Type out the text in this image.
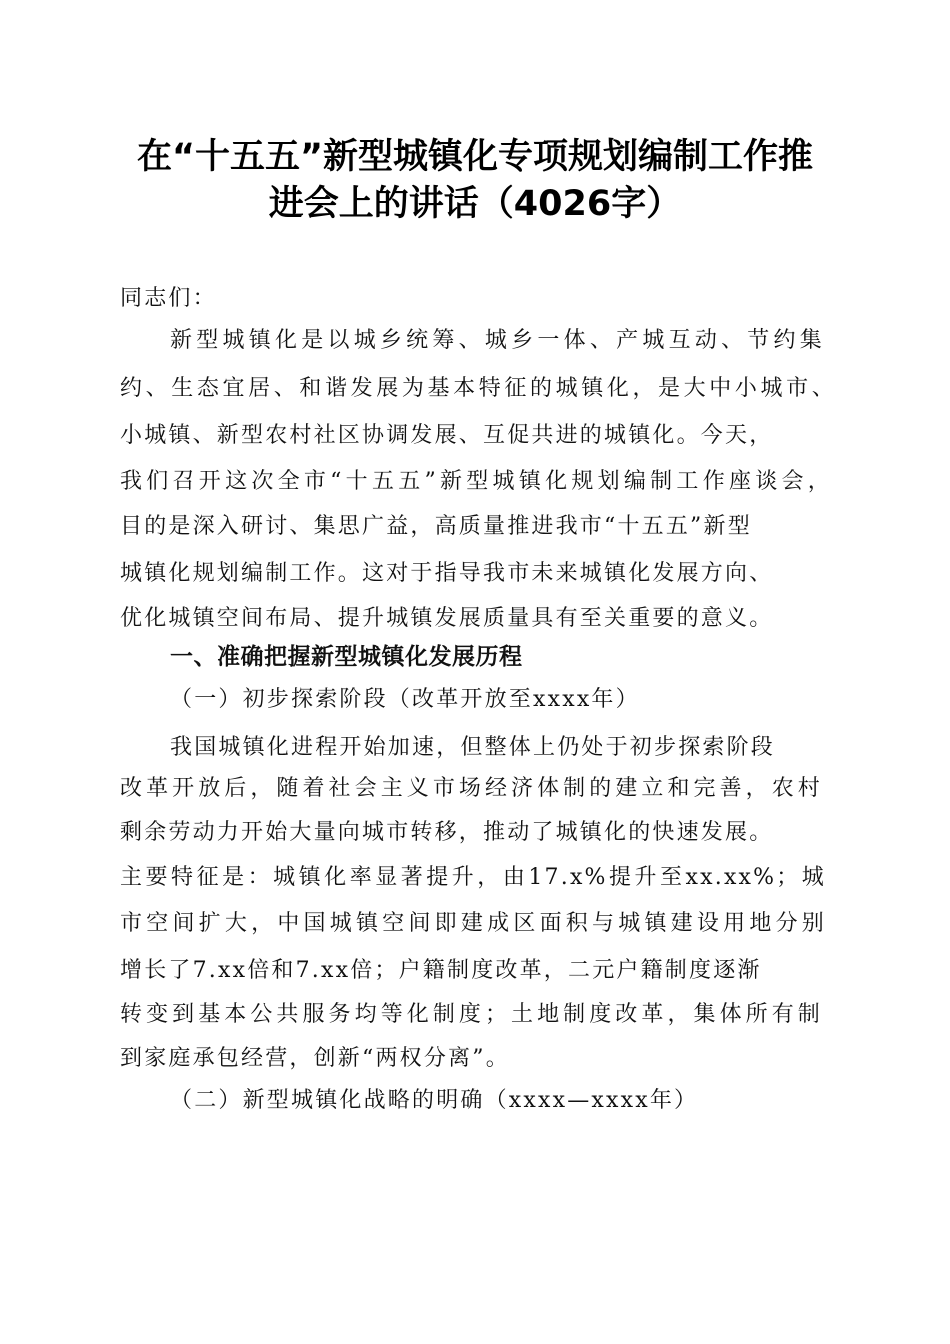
在“十五五”新型城镇化专项规划编制工作推
进会上的讲话（4026字）
同志们：
新型城镇化是以城乡统筹、城乡一体、产城互动、节约集
约、生态宜居、和谐发展为基本特征的城镇化，是大中小城市、
小城镇、新型农村社区协调发展、互促共进的城镇化。今天，
我们召开这次全市“十五五”新型城镇化规划编制工作座谈会，
目的是深入研讨、集思广益，高质量推进我市“十五五”新型
城镇化规划编制工作。这对于指导我市未来城镇化发展方向、
优化城镇空间布局、提升城镇发展质量具有至关重要的意义。
一、准确把握新型城镇化发展历程
（一）初步探索阶段（改革开放至xxxx年）
我国城镇化进程开始加速，但整体上仍处于初步探索阶段
改革开放后，随着社会主义市场经济体制的建立和完善，农村
剩余劳动力开始大量向城市转移，推动了城镇化的快速发展。
主要特征是：城镇化率显著提升，由17.x%提升至xx.xx%；城
市空间扩大，中国城镇空间即建成区面积与城镇建设用地分别
增长了7.xx倍和7.xx倍；户籍制度改革，二元户籍制度逐渐
转变到基本公共服务均等化制度；土地制度改革，集体所有制
到家庭承包经营，创新“两权分离”。
（二）新型城镇化战略的明确（xxxx—xxxx年）
